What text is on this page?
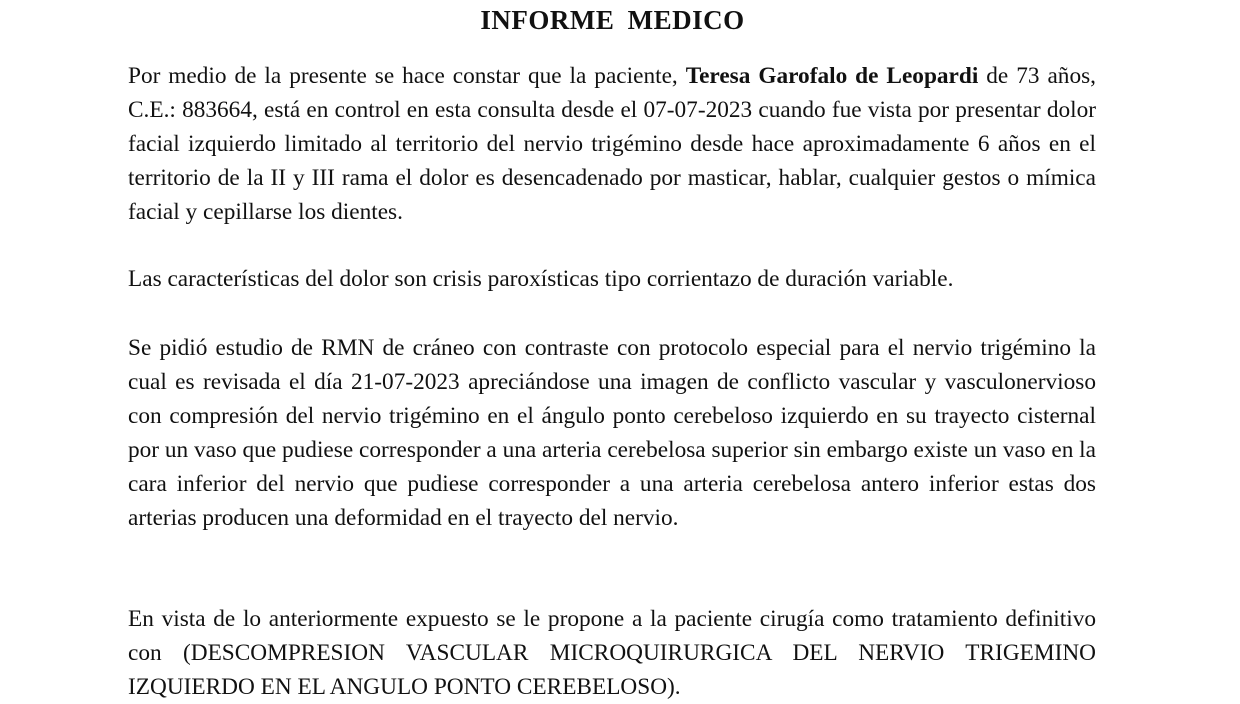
INFORME MEDICO

Por medio de la presente se hace constar que la paciente, Teresa Garofalo de Leopardi de 73 años, C.E.: 883664, está en control en esta consulta desde el 07-07-2023 cuando fue vista por presentar dolor facial izquierdo limitado al territorio del nervio trigémino desde hace aproximadamente 6 años en el territorio de la II y III rama el dolor es desencadenado por masticar, hablar, cualquier gestos o mímica facial y cepillarse los dientes.

Las características del dolor son crisis paroxísticas tipo corrientazo de duración variable.

Se pidió estudio de RMN de cráneo con contraste con protocolo especial para el nervio trigémino la cual es revisada el día 21-07-2023 apreciándose una imagen de conflicto vascular y vasculonervioso con compresión del nervio trigémino en el ángulo ponto cerebeloso izquierdo en su trayecto cisternal por un vaso que pudiese corresponder a una arteria cerebelosa superior sin embargo existe un vaso en la cara inferior del nervio que pudiese corresponder a una arteria cerebelosa antero inferior estas dos arterias producen una deformidad en el trayecto del nervio.

En vista de lo anteriormente expuesto se le propone a la paciente cirugía como tratamiento definitivo con (DESCOMPRESION VASCULAR MICROQUIRURGICA DEL NERVIO TRIGEMINO IZQUIERDO EN EL ANGULO PONTO CEREBELOSO).
